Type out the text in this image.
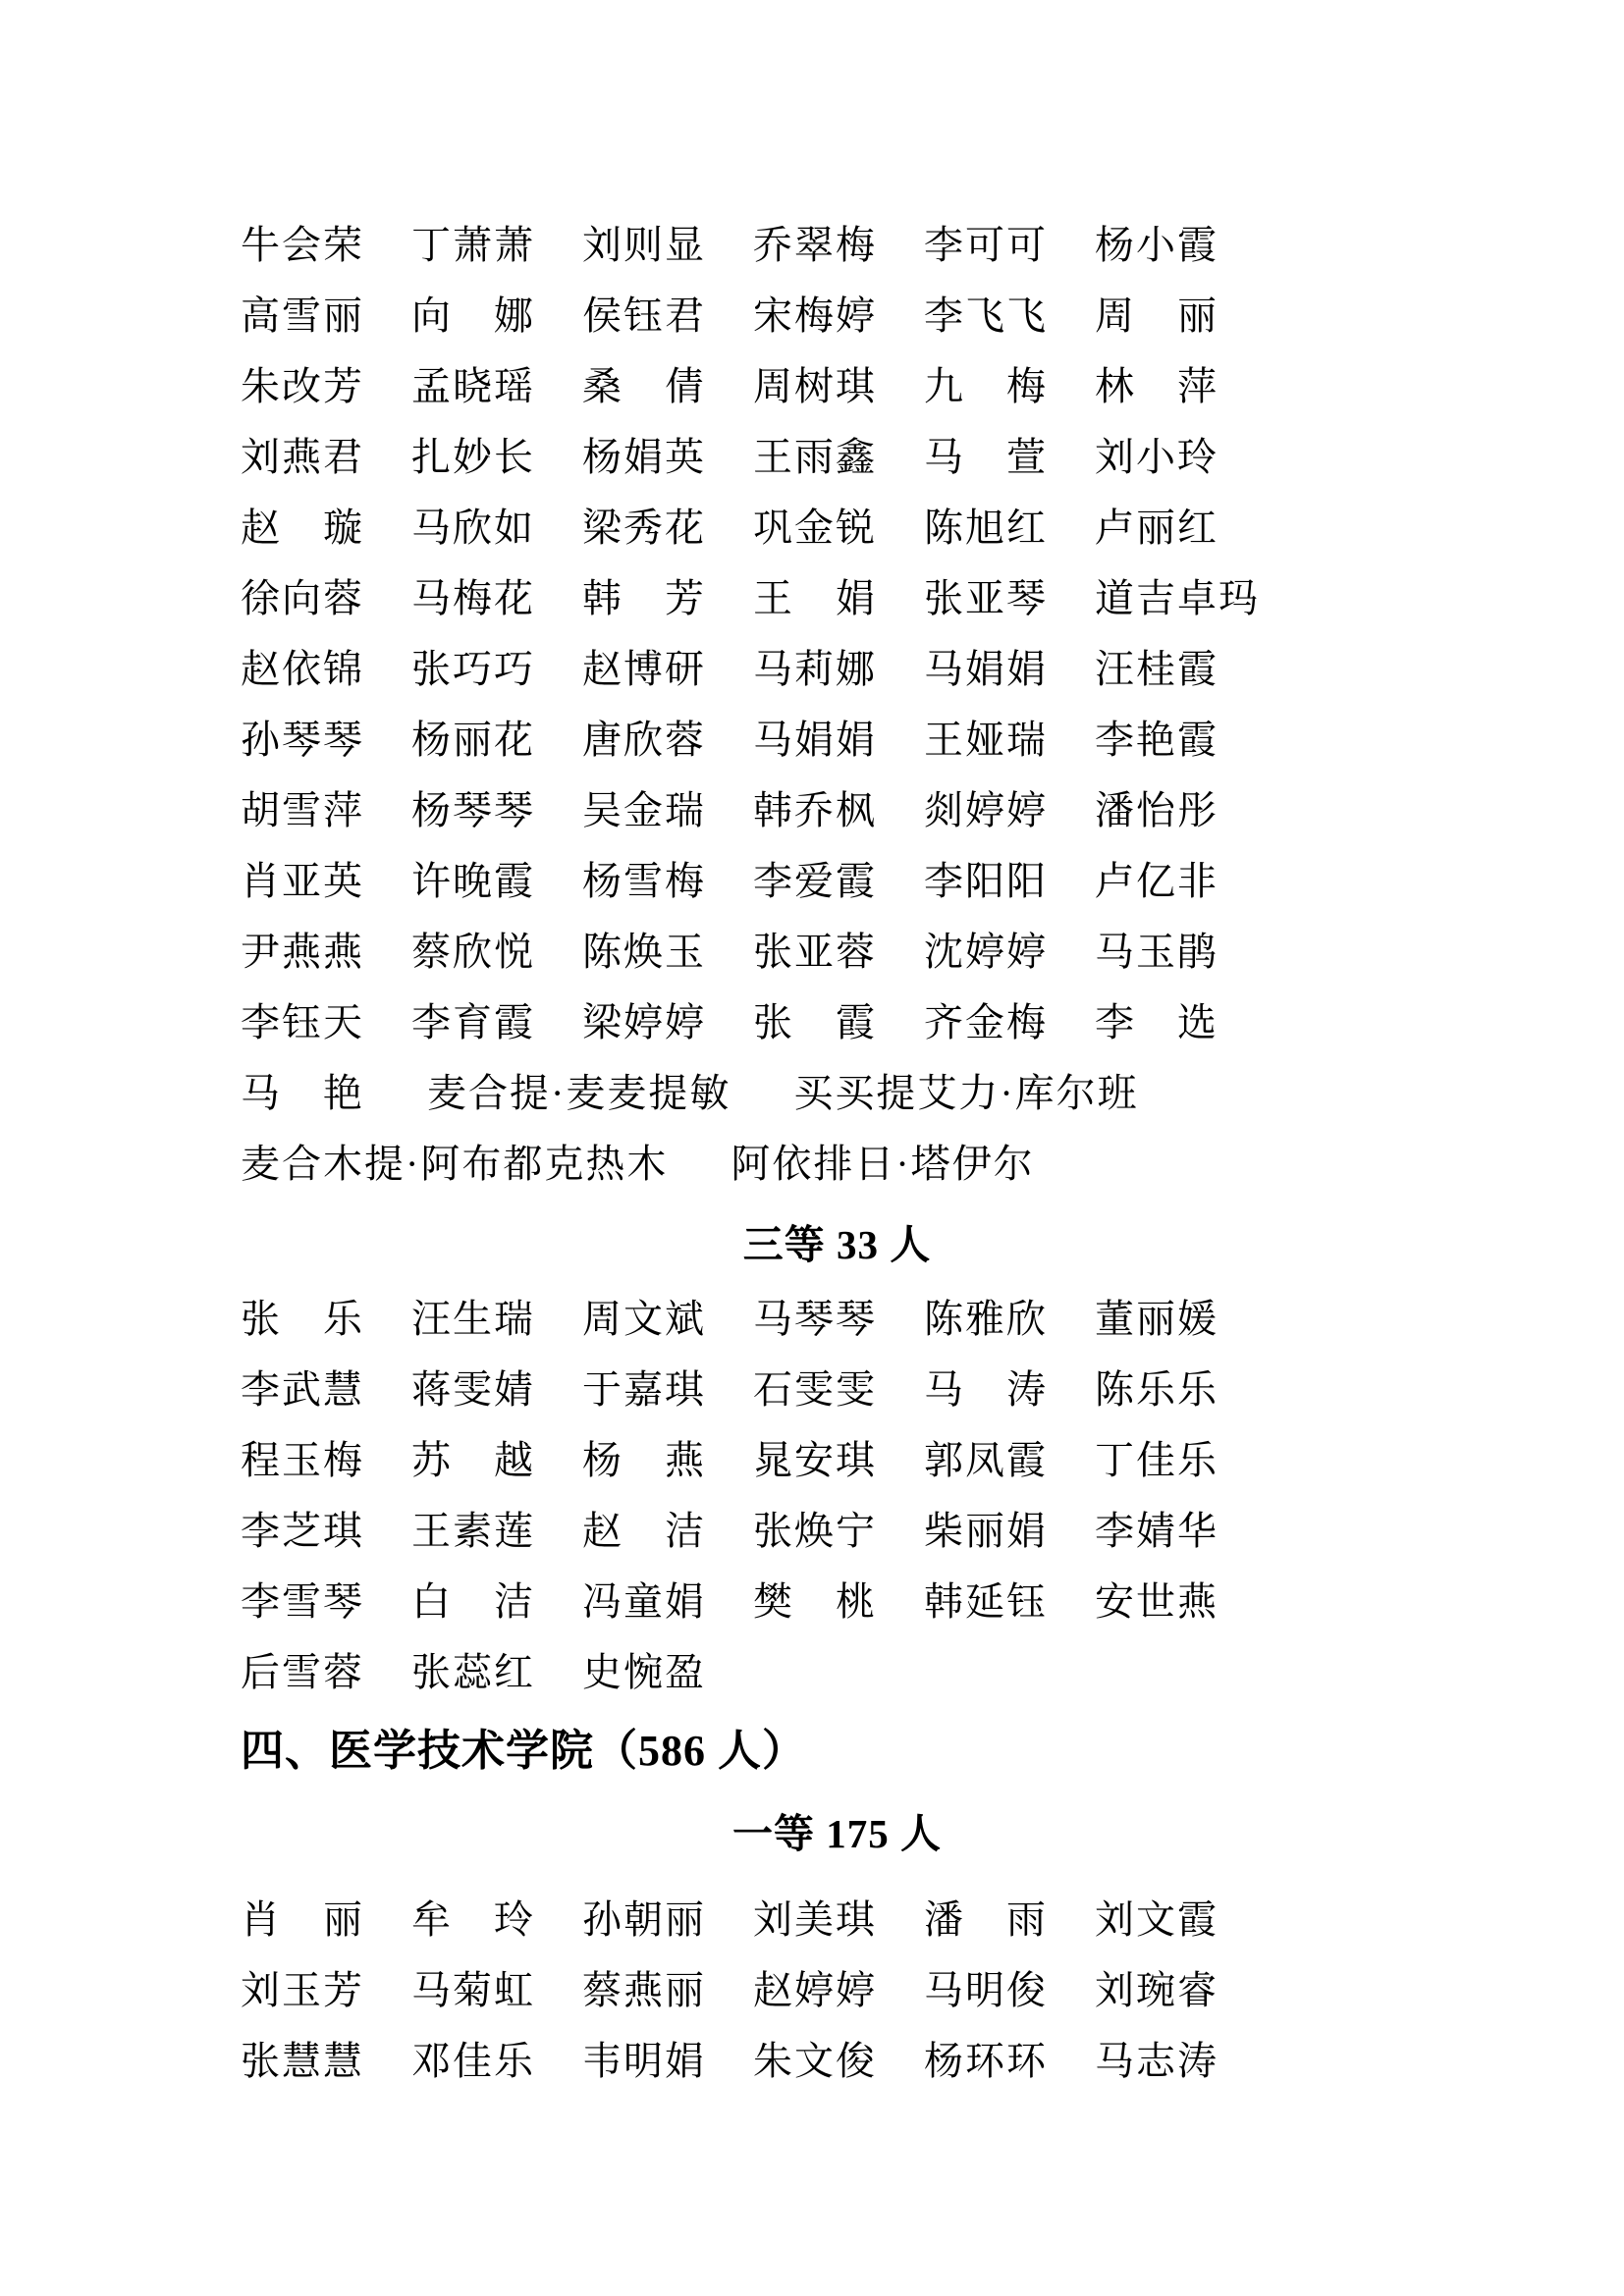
牛会荣 丁萧萧 刘则显 乔翠梅 李可可 杨小霞
高雪丽 向　娜 侯钰君 宋梅婷 李飞飞 周　丽
朱改芳 孟晓瑶 桑　倩 周树琪 九　梅 林　萍
刘燕君 扎妙长 杨娟英 王雨鑫 马　萱 刘小玲
赵　璇 马欣如 梁秀花 巩金锐 陈旭红 卢丽红
徐向蓉 马梅花 韩　芳 王　娟 张亚琴 道吉卓玛
赵依锦 张巧巧 赵博研 马莉娜 马娟娟 汪桂霞
孙琴琴 杨丽花 唐欣蓉 马娟娟 王娅瑞 李艳霞
胡雪萍 杨琴琴 吴金瑞 韩乔枫 剡婷婷 潘怡彤
肖亚英 许晚霞 杨雪梅 李爱霞 李阳阳 卢亿非
尹燕燕 蔡欣悦 陈焕玉 张亚蓉 沈婷婷 马玉鹃
李钰天 李育霞 梁婷婷 张　霞 齐金梅 李　选
马　艳 麦合提·麦麦提敏 买买提艾力·库尔班
麦合木提·阿布都克热木 阿依排日·塔伊尔
三等 33 人
张　乐 汪生瑞 周文斌 马琴琴 陈雅欣 董丽媛
李武慧 蒋雯婧 于嘉琪 石雯雯 马　涛 陈乐乐
程玉梅 苏　越 杨　燕 晁安琪 郭凤霞 丁佳乐
李芝琪 王素莲 赵　洁 张焕宁 柴丽娟 李婧华
李雪琴 白　洁 冯童娟 樊　桃 韩延钰 安世燕
后雪蓉 张蕊红 史惋盈
四、医学技术学院（586 人）
一等 175 人
肖　丽 牟　玲 孙朝丽 刘美琪 潘　雨 刘文霞
刘玉芳 马菊虹 蔡燕丽 赵婷婷 马明俊 刘琬睿
张慧慧 邓佳乐 韦明娟 朱文俊 杨环环 马志涛
